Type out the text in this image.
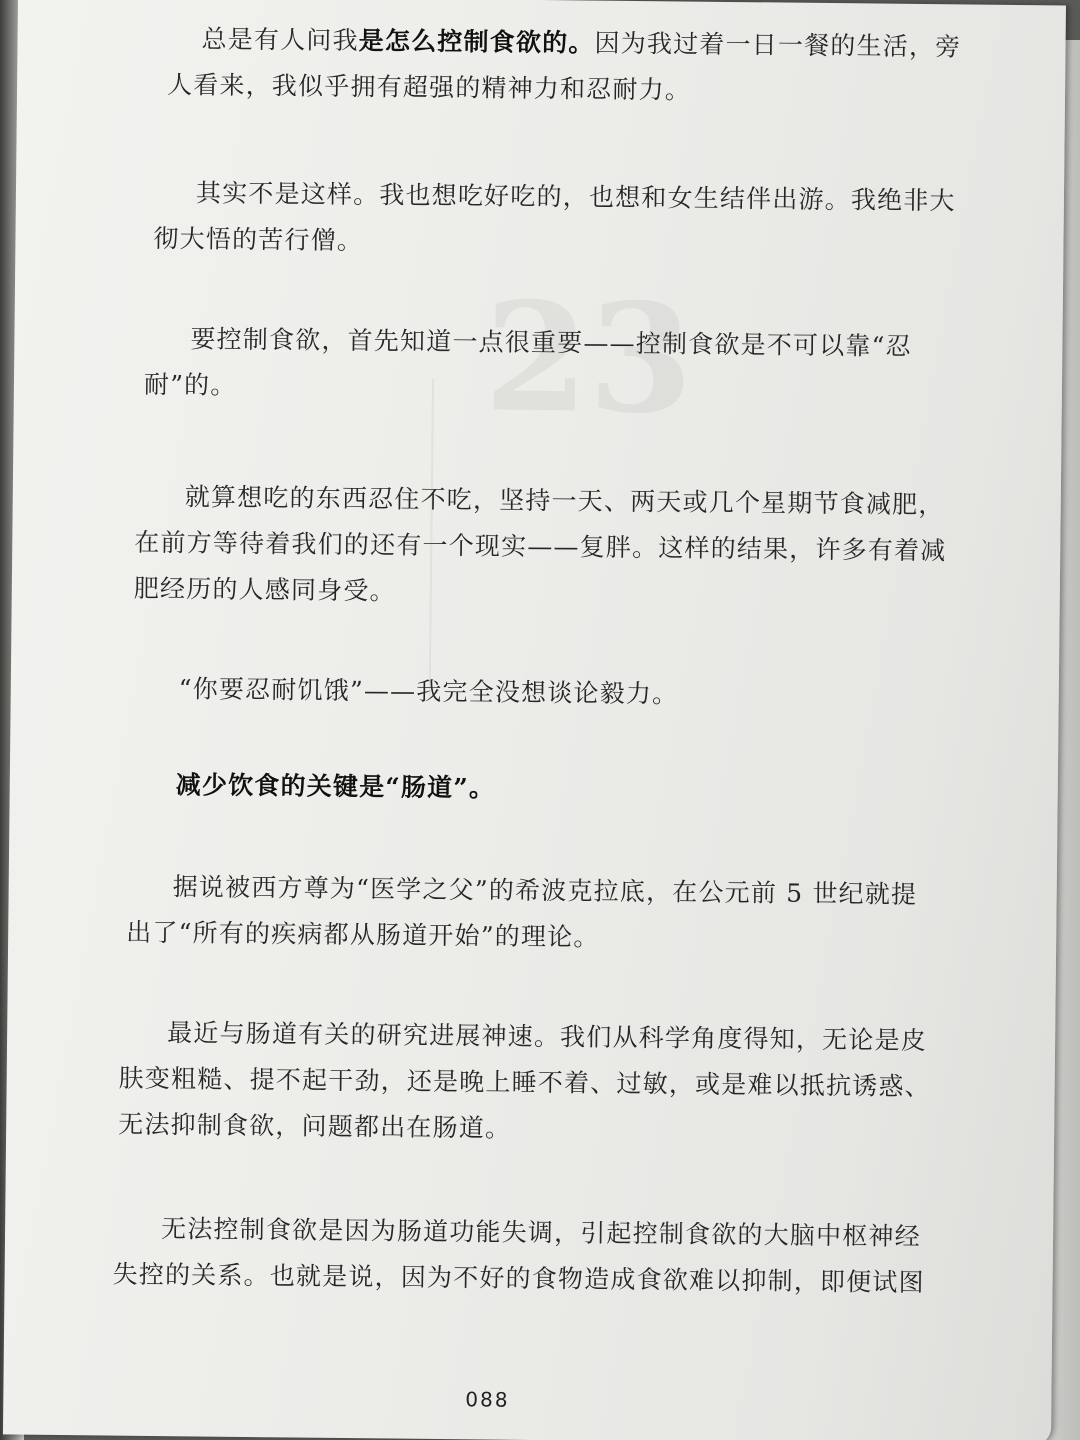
23

总是有人问我是怎么控制食欲的。因为我过着一日一餐的生活，旁
人看来，我似乎拥有超强的精神力和忍耐力。

其实不是这样。我也想吃好吃的，也想和女生结伴出游。我绝非大
彻大悟的苦行僧。

要控制食欲，首先知道一点很重要——控制食欲是不可以靠“忍
耐”的。

就算想吃的东西忍住不吃，坚持一天、两天或几个星期节食减肥，
在前方等待着我们的还有一个现实——复胖。这样的结果，许多有着减
肥经历的人感同身受。

“你要忍耐饥饿”——我完全没想谈论毅力。

减少饮食的关键是“肠道”。

据说被西方尊为“医学之父”的希波克拉底，在公元前 5 世纪就提
出了“所有的疾病都从肠道开始”的理论。

最近与肠道有关的研究进展神速。我们从科学角度得知，无论是皮
肤变粗糙、提不起干劲，还是晚上睡不着、过敏，或是难以抵抗诱惑、
无法抑制食欲，问题都出在肠道。

无法控制食欲是因为肠道功能失调，引起控制食欲的大脑中枢神经
失控的关系。也就是说，因为不好的食物造成食欲难以抑制，即便试图

088
